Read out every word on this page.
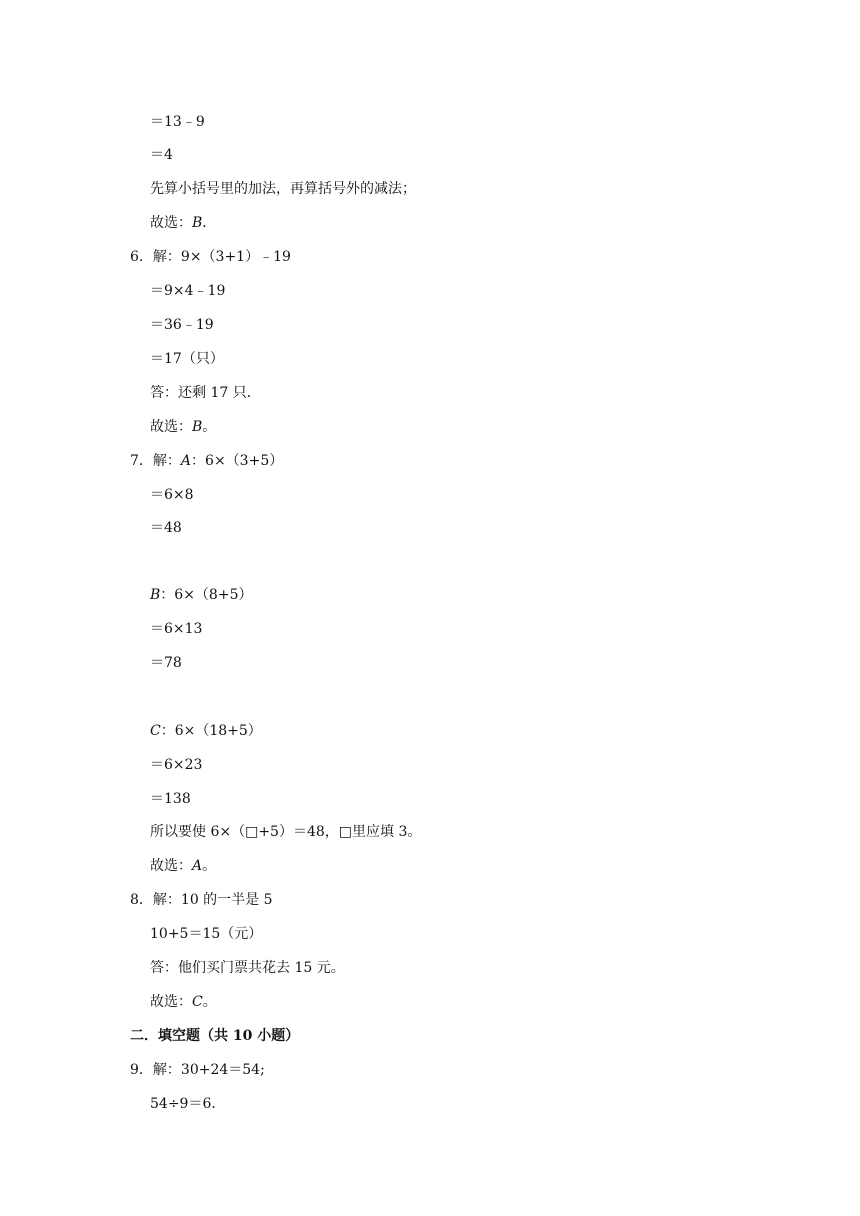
＝13﹣9
＝4
先算小括号里的加法，再算括号外的减法；
故选：B．
6．解：9×（3+1）﹣19
＝9×4﹣19
＝36﹣19
＝17（只）
答：还剩 17 只．
故选：B。
7．解：A：6×（3+5）
＝6×8
＝48
B：6×（8+5）
＝6×13
＝78
C：6×（18+5）
＝6×23
＝138
所以要使 6×（□+5）＝48，□里应填 3。
故选：A。
8．解：10 的一半是 5
10+5＝15（元）
答：他们买门票共花去 15 元。
故选：C。
二．填空题（共 10 小题）
9．解：30+24＝54;
54÷9＝6．
